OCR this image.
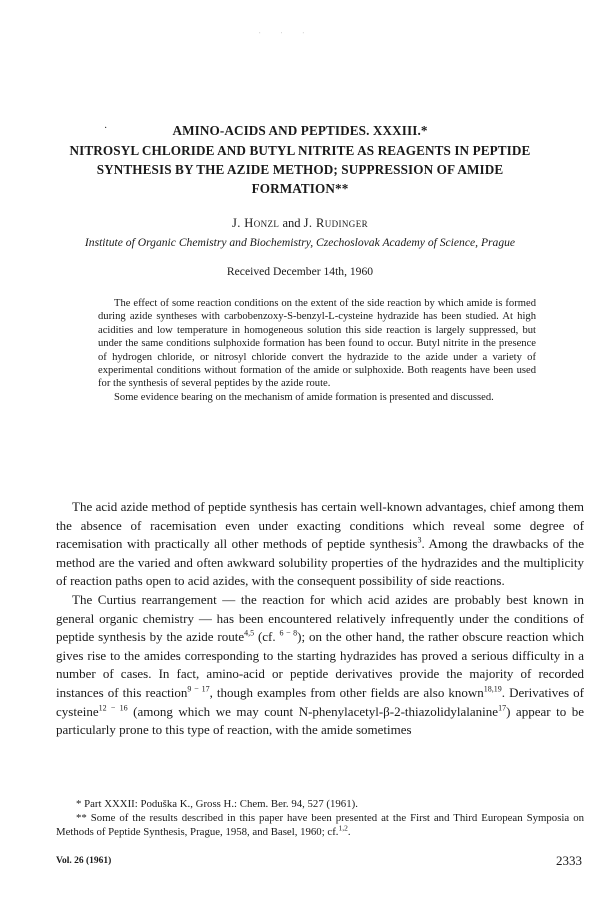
˙ ˙ ˙
·	AMINO-ACIDS AND PEPTIDES. XXXIII.*
NITROSYL CHLORIDE AND BUTYL NITRITE AS REAGENTS IN PEPTIDE
SYNTHESIS BY THE AZIDE METHOD; SUPPRESSION OF AMIDE
FORMATION**
J. Honzl and J. Rudinger
Institute of Organic Chemistry and Biochemistry, Czechoslovak Academy of Science, Prague
Received December 14th, 1960

The effect of some reaction conditions on the extent of the side reaction by which amide is formed during azide syntheses with carbobenzoxy-S-benzyl-L-cysteine hydrazide has been studied. At high acidities and low temperature in homogeneous solution this side reaction is largely suppressed, but under the same conditions sulphoxide formation has been found to occur. Butyl nitrite in the presence of hydrogen chloride, or nitrosyl chloride convert the hydrazide to the azide under a variety of experimental conditions without formation of the amide or sulphoxide. Both reagents have been used for the synthesis of several peptides by the azide route.

Some evidence bearing on the mechanism of amide formation is presented and discussed.

The acid azide method of peptide synthesis has certain well-known advantages, chief among them the absence of racemisation even under exacting conditions which reveal some degree of racemisation with practically all other methods of peptide synthesis$^3$. Among the drawbacks of the method are the varied and often awkward solubility properties of the hydrazides and the multiplicity of reaction paths open to acid azides, with the consequent possibility of side reactions.

The Curtius rearrangement — the reaction for which acid azides are probably best known in general organic chemistry — has been encountered relatively infrequently under the conditions of peptide synthesis by the azide route$^{4,5}$ (cf. $^{6 - 8}$); on the other hand, the rather obscure reaction which gives rise to the amides corresponding to the starting hydrazides has proved a serious difficulty in a number of cases. In fact, amino-acid or peptide derivatives provide the majority of recorded instances of this reaction$^{9 - 17}$, though examples from other fields are also known$^{18,19}$. Derivatives of cysteine$^{12 - 16}$ (among which we may count N-phenylacetyl-β-2-thiazolidylalanine$^{17}$) appear to be particularly prone to this type of reaction, with the amide sometimes

* Part XXXII: Poduška K., Gross H.: Chem. Ber. 94, 527 (1961).

** Some of the results described in this paper have been presented at the First and Third European Symposia on Methods of Peptide Synthesis, Prague, 1958, and Basel, 1960; cf.$^{1,2}$.

Vol. 26 (1961)	2333
